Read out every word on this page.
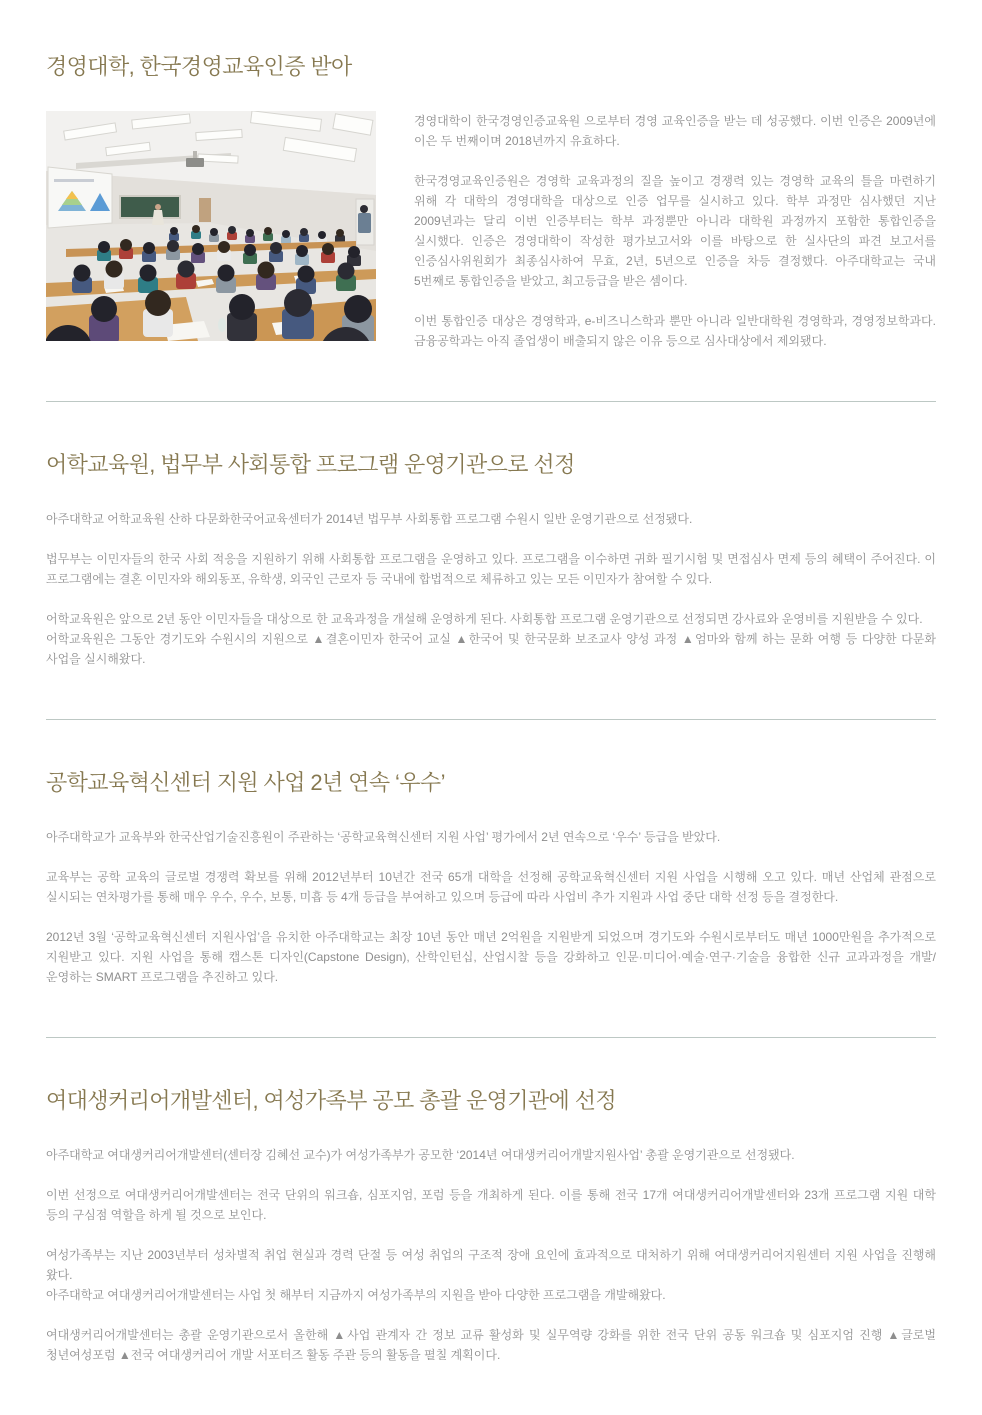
경영대학, 한국경영교육인증 받아

경영대학이 한국경영인증교육원 으로부터 경영 교육인증을 받는 데 성공했다. 이번 인증은 2009년에 이은 두 번째이며 2018년까지 유효하다.

한국경영교육인증원은 경영학 교육과정의 질을 높이고 경쟁력 있는 경영학 교육의 틀을 마련하기 위해 각 대학의 경영대학을 대상으로 인증 업무를 실시하고 있다. 학부 과정만 심사했던 지난 2009년과는 달리 이번 인증부터는 학부 과정뿐만 아니라 대학원 과정까지 포함한 통합인증을 실시했다. 인증은 경영대학이 작성한 평가보고서와 이를 바탕으로 한 실사단의 파견 보고서를 인증심사위원회가 최종심사하여 무효, 2년, 5년으로 인증을 차등 결정했다. 아주대학교는 국내 5번째로 통합인증을 받았고, 최고등급을 받은 셈이다.

이번 통합인증 대상은 경영학과, e-비즈니스학과 뿐만 아니라 일반대학원 경영학과, 경영정보학과다. 금융공학과는 아직 졸업생이 배출되지 않은 이유 등으로 심사대상에서 제외됐다.

어학교육원, 법무부 사회통합 프로그램 운영기관으로 선정

아주대학교 어학교육원 산하 다문화한국어교육센터가 2014년 법무부 사회통합 프로그램 수원시 일반 운영기관으로 선정됐다.

법무부는 이민자들의 한국 사회 적응을 지원하기 위해 사회통합 프로그램을 운영하고 있다. 프로그램을 이수하면 귀화 필기시험 및 면접심사 면제 등의 혜택이 주어진다. 이 프로그램에는 결혼 이민자와 해외동포, 유학생, 외국인 근로자 등 국내에 합법적으로 체류하고 있는 모든 이민자가 참여할 수 있다.

어학교육원은 앞으로 2년 동안 이민자들을 대상으로 한 교육과정을 개설해 운영하게 된다. 사회통합 프로그램 운영기관으로 선정되면 강사료와 운영비를 지원받을 수 있다.

어학교육원은 그동안 경기도와 수원시의 지원으로 ▲결혼이민자 한국어 교실 ▲한국어 및 한국문화 보조교사 양성 과정 ▲엄마와 함께 하는 문화 여행 등 다양한 다문화 사업을 실시해왔다.

공학교육혁신센터 지원 사업 2년 연속 ‘우수’

아주대학교가 교육부와 한국산업기술진흥원이 주관하는 ‘공학교육혁신센터 지원 사업’ 평가에서 2년 연속으로 ‘우수’ 등급을 받았다.

교육부는 공학 교육의 글로벌 경쟁력 확보를 위해 2012년부터 10년간 전국 65개 대학을 선정해 공학교육혁신센터 지원 사업을 시행해 오고 있다. 매년 산업체 관점으로 실시되는 연차평가를 통해 매우 우수, 우수, 보통, 미흡 등 4개 등급을 부여하고 있으며 등급에 따라 사업비 추가 지원과 사업 중단 대학 선정 등을 결정한다.

2012년 3월 ‘공학교육혁신센터 지원사업’을 유치한 아주대학교는 최장 10년 동안 매년 2억원을 지원받게 되었으며 경기도와 수원시로부터도 매년 1000만원을 추가적으로 지원받고 있다. 지원 사업을 통해 캡스톤 디자인(Capstone Design), 산학인턴십, 산업시찰 등을 강화하고 인문·미디어·예술·연구·기술을 융합한 신규 교과과정을 개발/운영하는 SMART 프로그램을 추진하고 있다.

여대생커리어개발센터, 여성가족부 공모 총괄 운영기관에 선정

아주대학교 여대생커리어개발센터(센터장 김혜선 교수)가 여성가족부가 공모한 ‘2014년 여대생커리어개발지원사업’ 총괄 운영기관으로 선정됐다.

이번 선정으로 여대생커리어개발센터는 전국 단위의 워크숍, 심포지엄, 포럼 등을 개최하게 된다. 이를 통해 전국 17개 여대생커리어개발센터와 23개 프로그램 지원 대학 등의 구심점 역할을 하게 될 것으로 보인다.

여성가족부는 지난 2003년부터 성차별적 취업 현실과 경력 단절 등 여성 취업의 구조적 장애 요인에 효과적으로 대처하기 위해 여대생커리어지원센터 지원 사업을 진행해 왔다.

아주대학교 여대생커리어개발센터는 사업 첫 해부터 지금까지 여성가족부의 지원을 받아 다양한 프로그램을 개발해왔다.

여대생커리어개발센터는 총괄 운영기관으로서 올한해 ▲사업 관계자 간 정보 교류 활성화 및 실무역량 강화를 위한 전국 단위 공동 워크숍 및 심포지엄 진행 ▲글로벌 청년여성포럼 ▲전국 여대생커리어 개발 서포터즈 활동 주관 등의 활동을 펼칠 계획이다.
